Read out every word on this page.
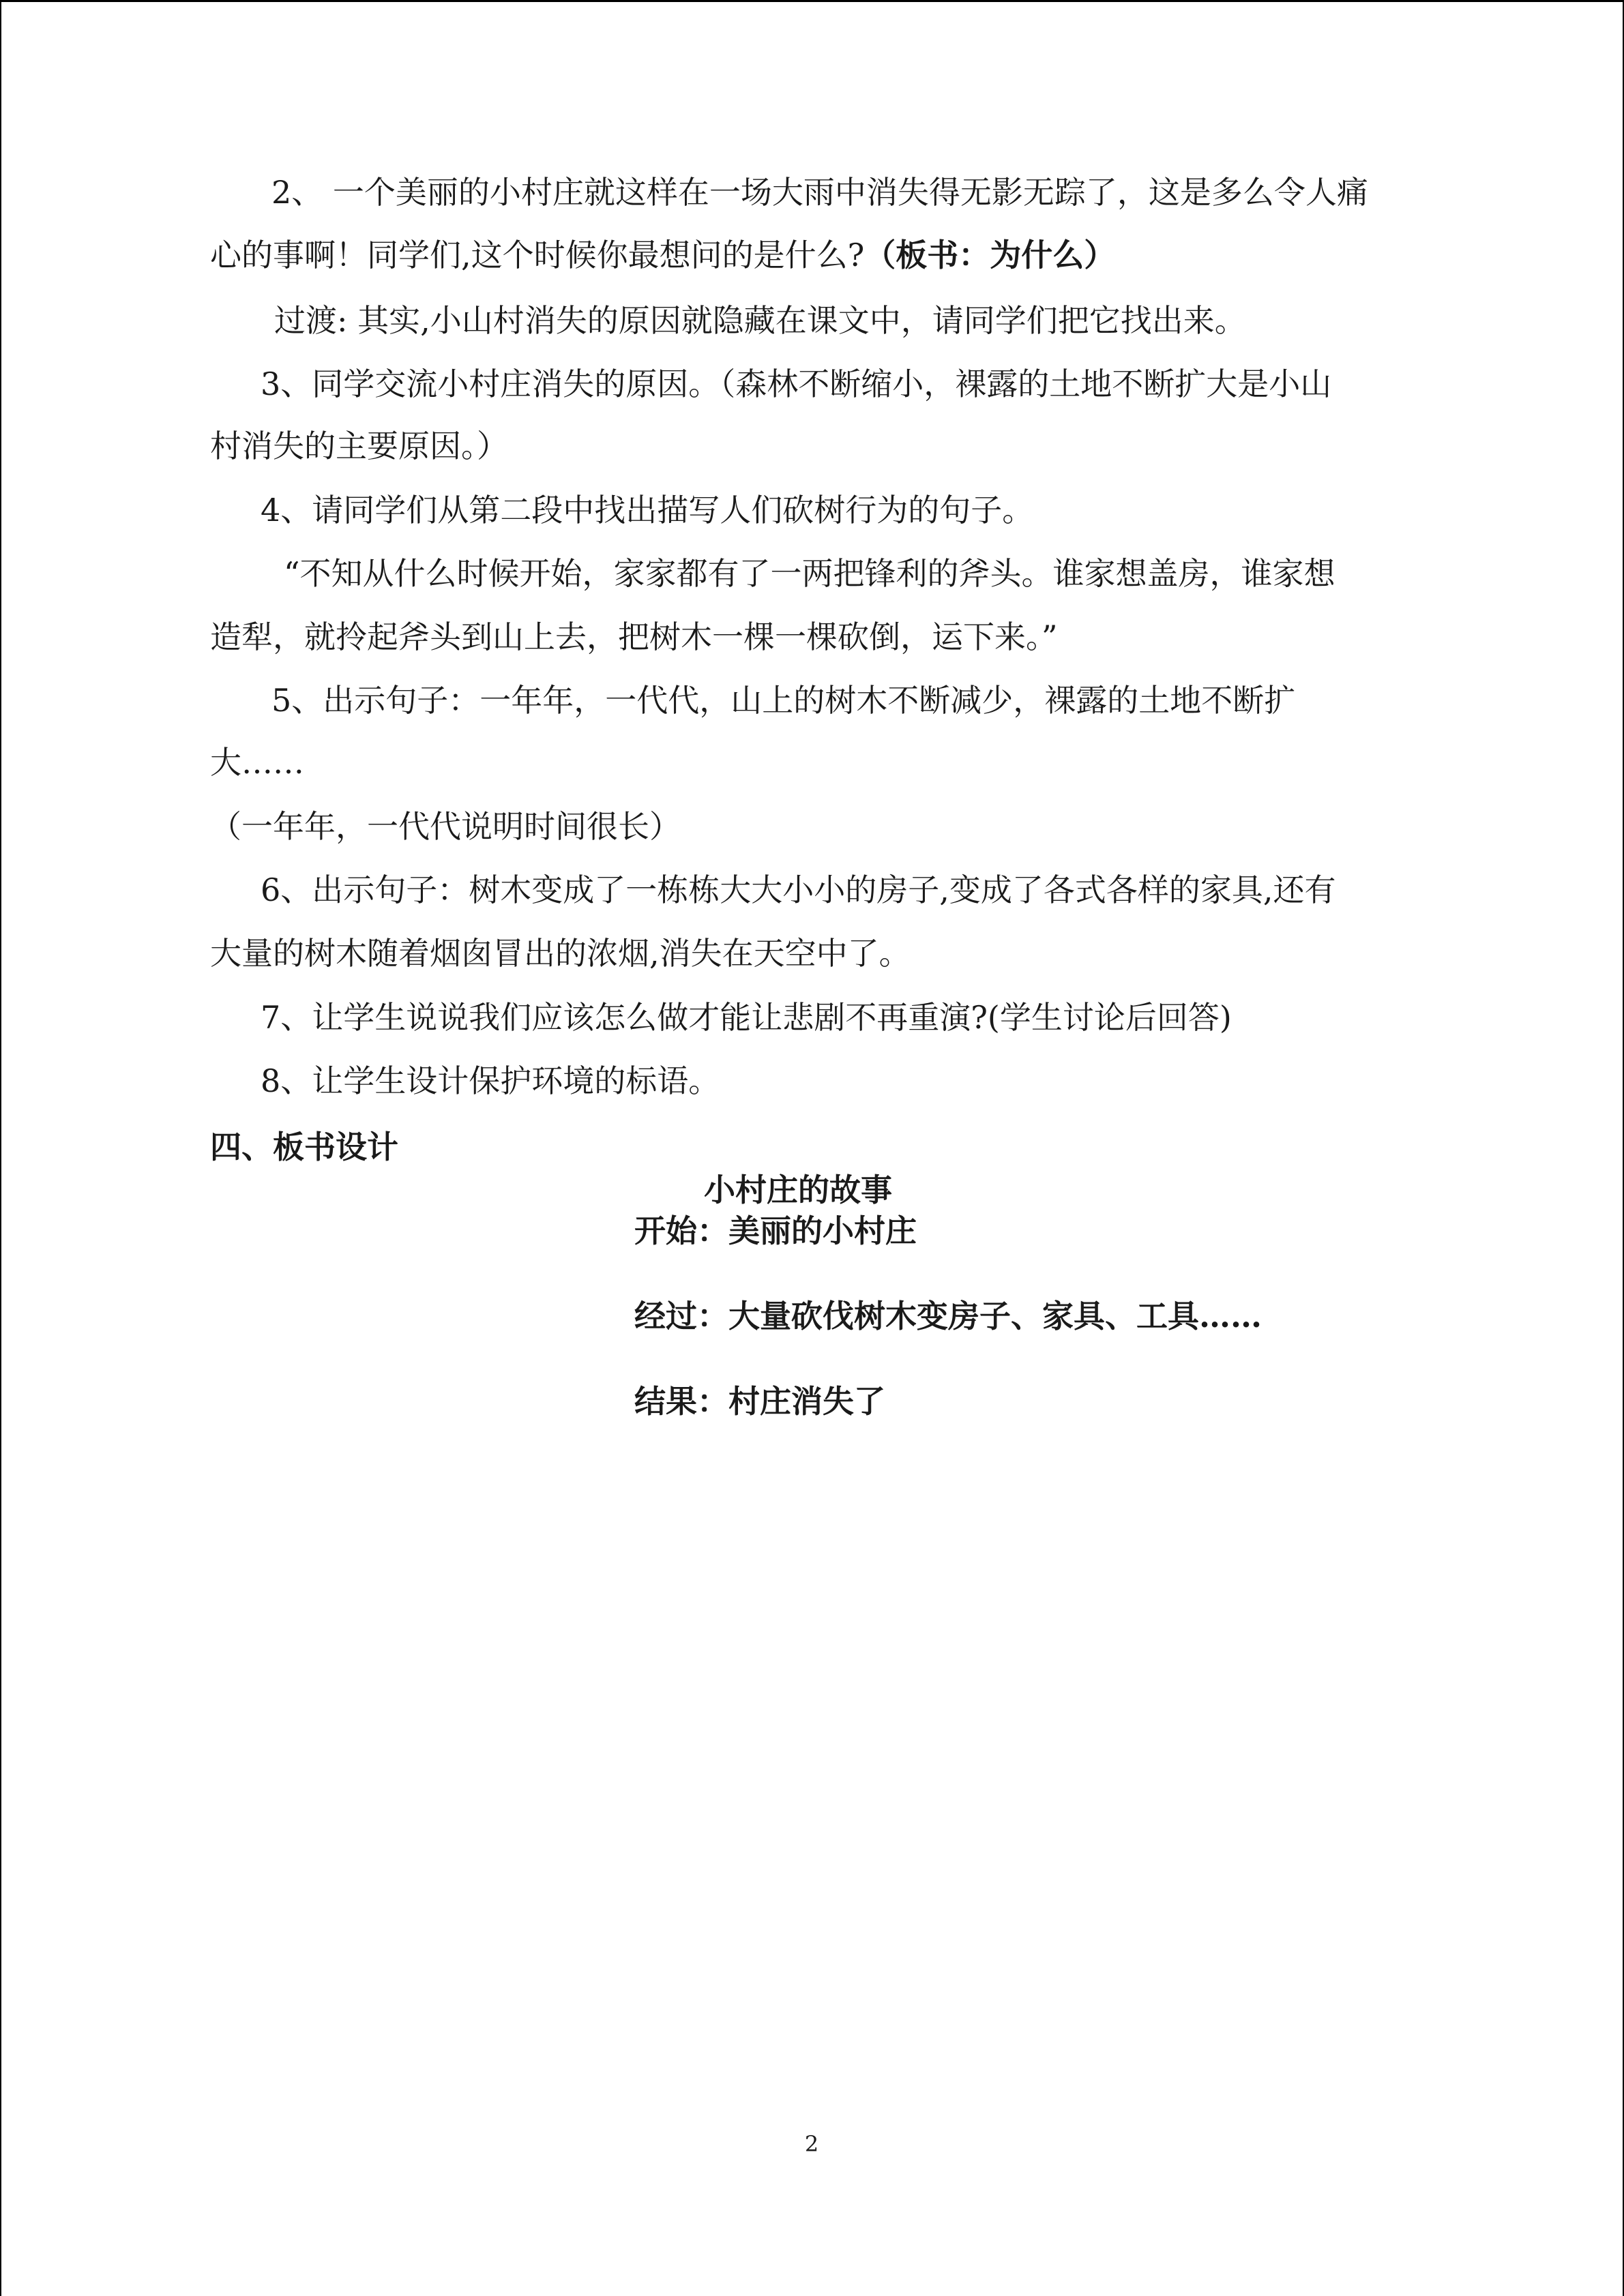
2、 一个美丽的小村庄就这样在一场大雨中消失得无影无踪了，这是多么令人痛
心的事啊！同学们,这个时候你最想问的是什么?（板书：为什么）
过渡: 其实,小山村消失的原因就隐藏在课文中，请同学们把它找出来。
3、同学交流小村庄消失的原因。（森林不断缩小，裸露的土地不断扩大是小山
村消失的主要原因。）
4、请同学们从第二段中找出描写人们砍树行为的句子。
“不知从什么时候开始，家家都有了一两把锋利的斧头。谁家想盖房，谁家想
造犁，就拎起斧头到山上去，把树木一棵一棵砍倒，运下来。”
5、出示句子：一年年，一代代，山上的树木不断减少，裸露的土地不断扩
大……
（一年年，一代代说明时间很长）
6、出示句子：树木变成了一栋栋大大小小的房子,变成了各式各样的家具,还有
大量的树木随着烟囱冒出的浓烟,消失在天空中了。
7、让学生说说我们应该怎么做才能让悲剧不再重演?(学生讨论后回答)
8、让学生设计保护环境的标语。
四、板书设计
小村庄的故事
开始：美丽的小村庄
经过：大量砍伐树木变房子、家具、工具……
结果：村庄消失了
2
